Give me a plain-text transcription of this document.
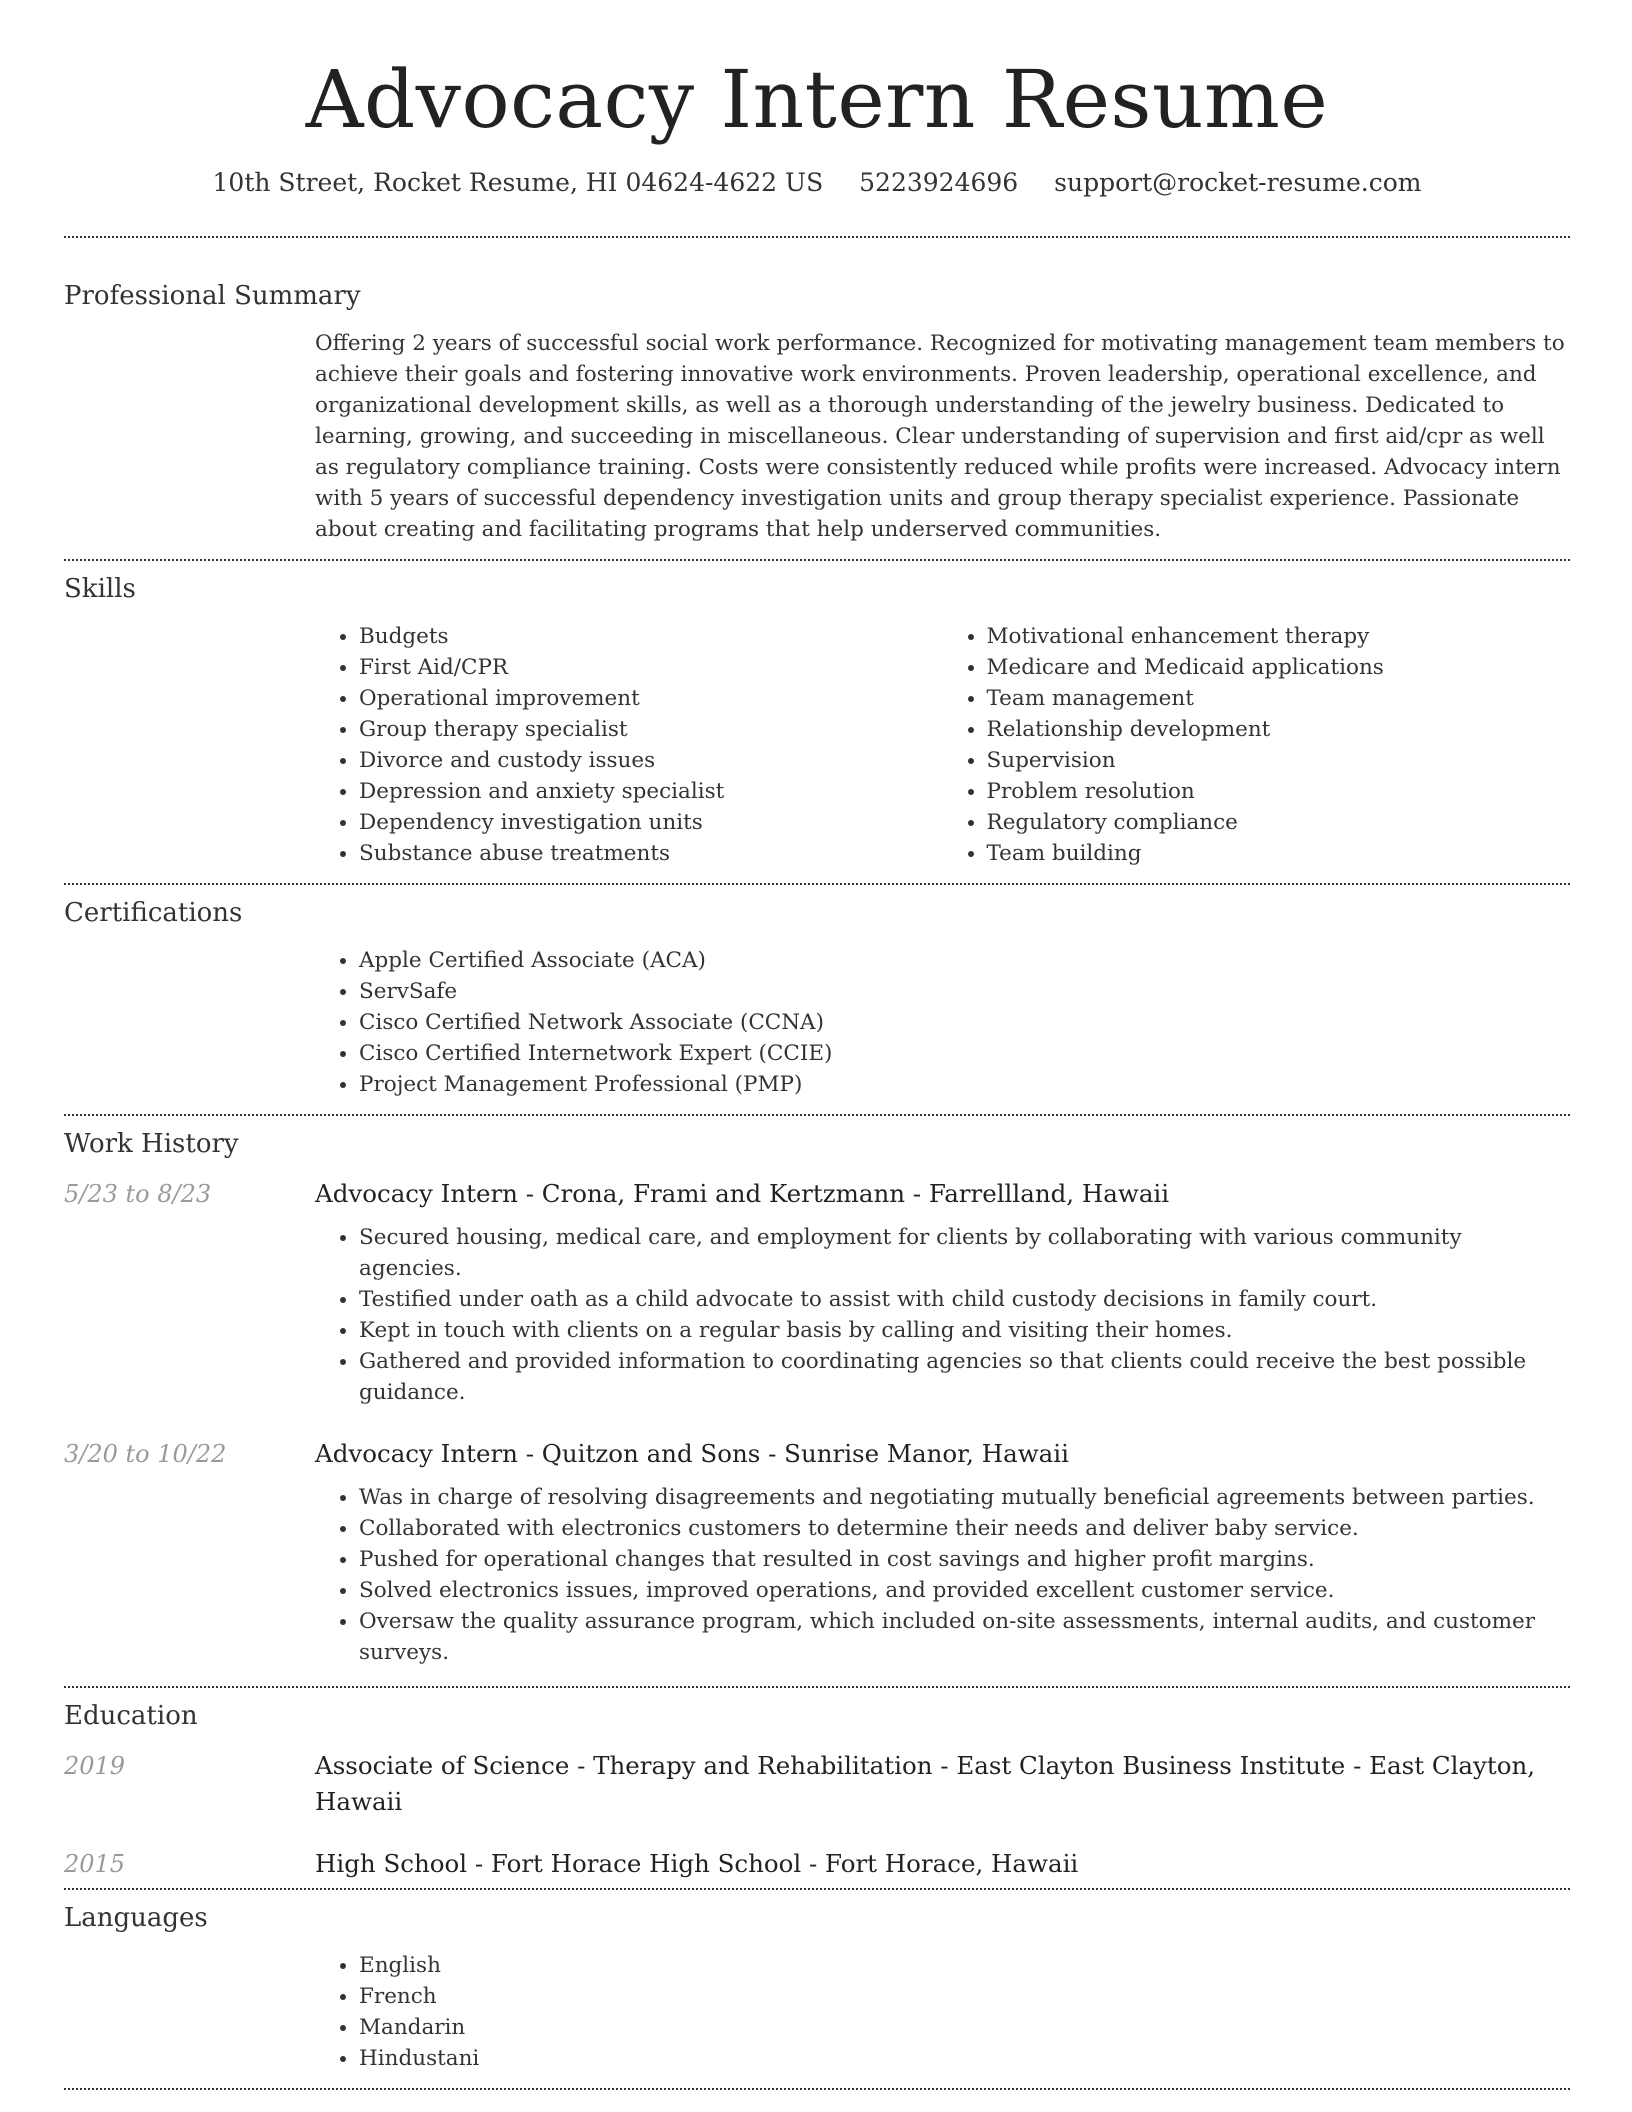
Advocacy Intern Resume
10th Street, Rocket Resume, HI 04624-4622 US 5223924696 support@rocket-resume.com
Professional Summary

Offering 2 years of successful social work performance. Recognized for motivating management team members to achieve their goals and fostering innovative work environments. Proven leadership, operational excellence, and organizational development skills, as well as a thorough understanding of the jewelry business. Dedicated to learning, growing, and succeeding in miscellaneous. Clear understanding of supervision and first aid/cpr as well as regulatory compliance training. Costs were consistently reduced while profits were increased. Advocacy intern with 5 years of successful dependency investigation units and group therapy specialist experience. Passionate about creating and facilitating programs that help underserved communities.

Skills
• Budgets
• First Aid/CPR
• Operational improvement
• Group therapy specialist
• Divorce and custody issues
• Depression and anxiety specialist
• Dependency investigation units
• Substance abuse treatments
• Motivational enhancement therapy
• Medicare and Medicaid applications
• Team management
• Relationship development
• Supervision
• Problem resolution
• Regulatory compliance
• Team building
Certifications
• Apple Certified Associate (ACA)
• ServSafe
• Cisco Certified Network Associate (CCNA)
• Cisco Certified Internetwork Expert (CCIE)
• Project Management Professional (PMP)
Work History
5/23 to 8/23	Advocacy Intern - Crona, Frami and Kertzmann - Farrellland, Hawaii
• Secured housing, medical care, and employment for clients by collaborating with various community agencies.
• Testified under oath as a child advocate to assist with child custody decisions in family court.
• Kept in touch with clients on a regular basis by calling and visiting their homes.
• Gathered and provided information to coordinating agencies so that clients could receive the best possible guidance.
3/20 to 10/22	Advocacy Intern - Quitzon and Sons - Sunrise Manor, Hawaii
• Was in charge of resolving disagreements and negotiating mutually beneficial agreements between parties.
• Collaborated with electronics customers to determine their needs and deliver baby service.
• Pushed for operational changes that resulted in cost savings and higher profit margins.
• Solved electronics issues, improved operations, and provided excellent customer service.
• Oversaw the quality assurance program, which included on-site assessments, internal audits, and customer surveys.
Education
2019	Associate of Science - Therapy and Rehabilitation - East Clayton Business Institute - East Clayton, Hawaii
2015	High School - Fort Horace High School - Fort Horace, Hawaii
Languages
• English
• French
• Mandarin
• Hindustani
